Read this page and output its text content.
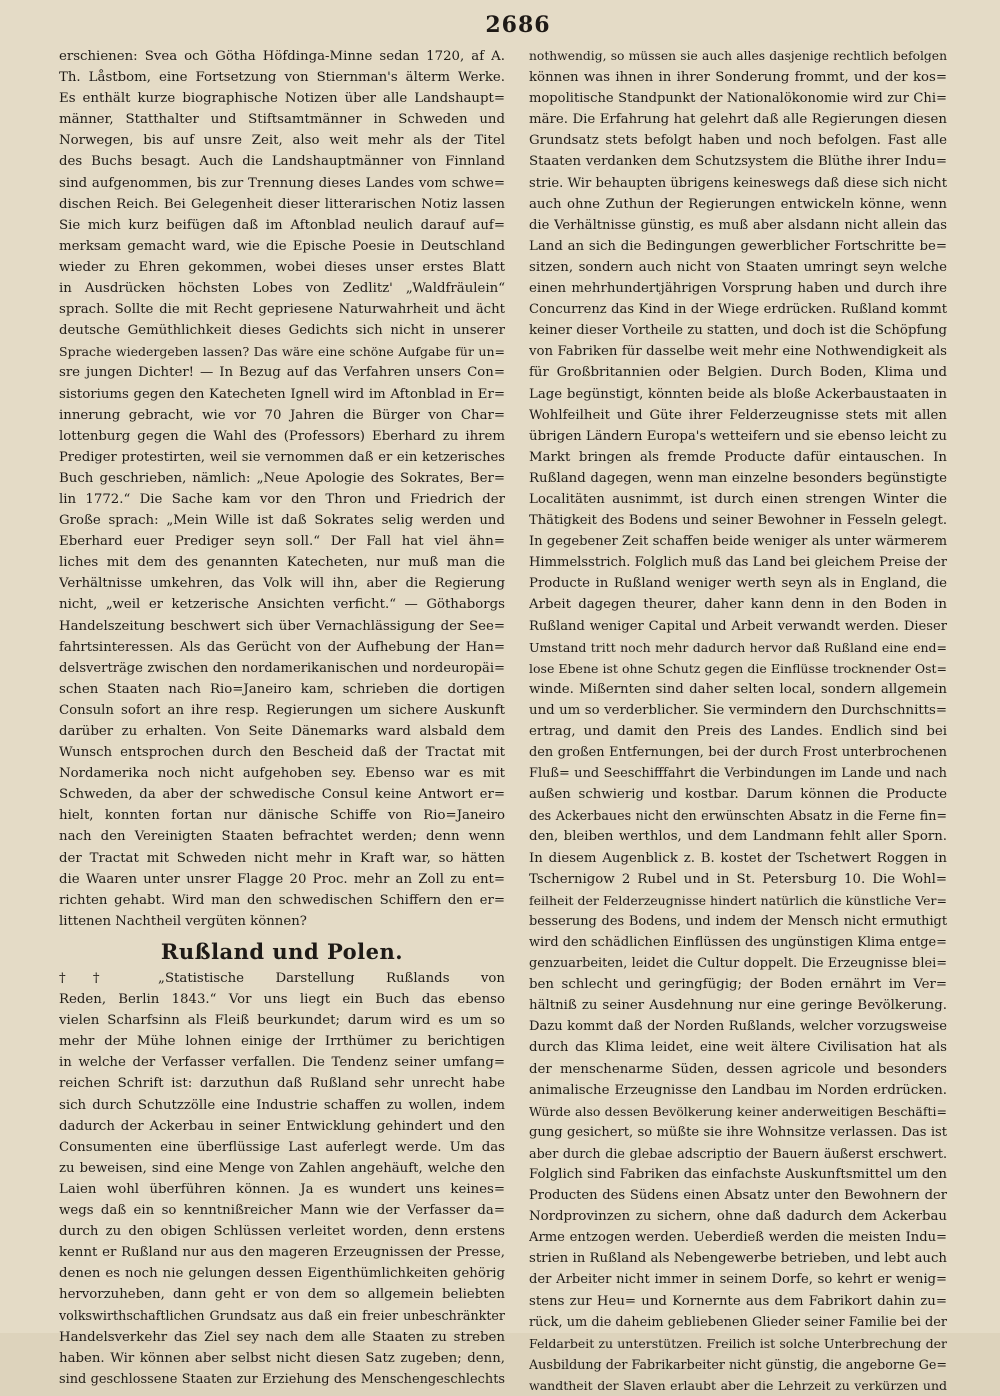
2686
erschienen: Svea och Götha Höfdinga-Minne sedan 1720, af A.
Th. Låstbom, eine Fortsetzung von Stiernman's älterm Werke.
Es enthält kurze biographische Notizen über alle Landshaupt=
männer, Statthalter und Stiftsamtmänner in Schweden und
Norwegen, bis auf unsre Zeit, also weit mehr als der Titel
des Buchs besagt. Auch die Landshauptmänner von Finnland
sind aufgenommen, bis zur Trennung dieses Landes vom schwe=
dischen Reich. Bei Gelegenheit dieser litterarischen Notiz lassen
Sie mich kurz beifügen daß im Aftonblad neulich darauf auf=
merksam gemacht ward, wie die Epische Poesie in Deutschland
wieder zu Ehren gekommen, wobei dieses unser erstes Blatt
in Ausdrücken höchsten Lobes von Zedlitz' „Waldfräulein“
sprach. Sollte die mit Recht gepriesene Naturwahrheit und ächt
deutsche Gemüthlichkeit dieses Gedichts sich nicht in unserer
Sprache wiedergeben lassen? Das wäre eine schöne Aufgabe für un=
sre jungen Dichter! — In Bezug auf das Verfahren unsers Con=
sistoriums gegen den Katecheten Ignell wird im Aftonblad in Er=
innerung gebracht, wie vor 70 Jahren die Bürger von Char=
lottenburg gegen die Wahl des (Professors) Eberhard zu ihrem
Prediger protestirten, weil sie vernommen daß er ein ketzerisches
Buch geschrieben, nämlich: „Neue Apologie des Sokrates, Ber=
lin 1772.“ Die Sache kam vor den Thron und Friedrich der
Große sprach: „Mein Wille ist daß Sokrates selig werden und
Eberhard euer Prediger seyn soll.“ Der Fall hat viel ähn=
liches mit dem des genannten Katecheten, nur muß man die
Verhältnisse umkehren, das Volk will ihn, aber die Regierung
nicht, „weil er ketzerische Ansichten verficht.“ — Göthaborgs
Handelszeitung beschwert sich über Vernachlässigung der See=
fahrtsinteressen. Als das Gerücht von der Aufhebung der Han=
delsverträge zwischen den nordamerikanischen und nordeuropäi=
schen Staaten nach Rio=Janeiro kam, schrieben die dortigen
Consuln sofort an ihre resp. Regierungen um sichere Auskunft
darüber zu erhalten. Von Seite Dänemarks ward alsbald dem
Wunsch entsprochen durch den Bescheid daß der Tractat mit
Nordamerika noch nicht aufgehoben sey. Ebenso war es mit
Schweden, da aber der schwedische Consul keine Antwort er=
hielt, konnten fortan nur dänische Schiffe von Rio=Janeiro
nach den Vereinigten Staaten befrachtet werden; denn wenn
der Tractat mit Schweden nicht mehr in Kraft war, so hätten
die Waaren unter unsrer Flagge 20 Proc. mehr an Zoll zu ent=
richten gehabt. Wird man den schwedischen Schiffern den er=
littenen Nachtheil vergüten können?
Rußland und Polen.
†† „Statistische Darstellung Rußlands von
Reden, Berlin 1843.“ Vor uns liegt ein Buch das ebenso
vielen Scharfsinn als Fleiß beurkundet; darum wird es um so
mehr der Mühe lohnen einige der Irrthümer zu berichtigen
in welche der Verfasser verfallen. Die Tendenz seiner umfang=
reichen Schrift ist: darzuthun daß Rußland sehr unrecht habe
sich durch Schutzzölle eine Industrie schaffen zu wollen, indem
dadurch der Ackerbau in seiner Entwicklung gehindert und den
Consumenten eine überflüssige Last auferlegt werde. Um das
zu beweisen, sind eine Menge von Zahlen angehäuft, welche den
Laien wohl überführen können. Ja es wundert uns keines=
wegs daß ein so kenntnißreicher Mann wie der Verfasser da=
durch zu den obigen Schlüssen verleitet worden, denn erstens
kennt er Rußland nur aus den mageren Erzeugnissen der Presse,
denen es noch nie gelungen dessen Eigenthümlichkeiten gehörig
hervorzuheben, dann geht er von dem so allgemein beliebten
volkswirthschaftlichen Grundsatz aus daß ein freier unbeschränkter
Handelsverkehr das Ziel sey nach dem alle Staaten zu streben
haben. Wir können aber selbst nicht diesen Satz zugeben; denn,
sind geschlossene Staaten zur Erziehung des Menschengeschlechts
nothwendig, so müssen sie auch alles dasjenige rechtlich befolgen
können was ihnen in ihrer Sonderung frommt, und der kos=
mopolitische Standpunkt der Nationalökonomie wird zur Chi=
märe. Die Erfahrung hat gelehrt daß alle Regierungen diesen
Grundsatz stets befolgt haben und noch befolgen. Fast alle
Staaten verdanken dem Schutzsystem die Blüthe ihrer Indu=
strie. Wir behaupten übrigens keineswegs daß diese sich nicht
auch ohne Zuthun der Regierungen entwickeln könne, wenn
die Verhältnisse günstig, es muß aber alsdann nicht allein das
Land an sich die Bedingungen gewerblicher Fortschritte be=
sitzen, sondern auch nicht von Staaten umringt seyn welche
einen mehrhundertjährigen Vorsprung haben und durch ihre
Concurrenz das Kind in der Wiege erdrücken. Rußland kommt
keiner dieser Vortheile zu statten, und doch ist die Schöpfung
von Fabriken für dasselbe weit mehr eine Nothwendigkeit als
für Großbritannien oder Belgien. Durch Boden, Klima und
Lage begünstigt, könnten beide als bloße Ackerbaustaaten in
Wohlfeilheit und Güte ihrer Felderzeugnisse stets mit allen
übrigen Ländern Europa's wetteifern und sie ebenso leicht zu
Markt bringen als fremde Producte dafür eintauschen. In
Rußland dagegen, wenn man einzelne besonders begünstigte
Localitäten ausnimmt, ist durch einen strengen Winter die
Thätigkeit des Bodens und seiner Bewohner in Fesseln gelegt.
In gegebener Zeit schaffen beide weniger als unter wärmerem
Himmelsstrich. Folglich muß das Land bei gleichem Preise der
Producte in Rußland weniger werth seyn als in England, die
Arbeit dagegen theurer, daher kann denn in den Boden in
Rußland weniger Capital und Arbeit verwandt werden. Dieser
Umstand tritt noch mehr dadurch hervor daß Rußland eine end=
lose Ebene ist ohne Schutz gegen die Einflüsse trocknender Ost=
winde. Mißernten sind daher selten local, sondern allgemein
und um so verderblicher. Sie vermindern den Durchschnitts=
ertrag, und damit den Preis des Landes. Endlich sind bei
den großen Entfernungen, bei der durch Frost unterbrochenen
Fluß= und Seeschifffahrt die Verbindungen im Lande und nach
außen schwierig und kostbar. Darum können die Producte
des Ackerbaues nicht den erwünschten Absatz in die Ferne fin=
den, bleiben werthlos, und dem Landmann fehlt aller Sporn.
In diesem Augenblick z. B. kostet der Tschetwert Roggen in
Tschernigow 2 Rubel und in St. Petersburg 10. Die Wohl=
feilheit der Felderzeugnisse hindert natürlich die künstliche Ver=
besserung des Bodens, und indem der Mensch nicht ermuthigt
wird den schädlichen Einflüssen des ungünstigen Klima entge=
genzuarbeiten, leidet die Cultur doppelt. Die Erzeugnisse blei=
ben schlecht und geringfügig; der Boden ernährt im Ver=
hältniß zu seiner Ausdehnung nur eine geringe Bevölkerung.
Dazu kommt daß der Norden Rußlands, welcher vorzugsweise
durch das Klima leidet, eine weit ältere Civilisation hat als
der menschenarme Süden, dessen agricole und besonders
animalische Erzeugnisse den Landbau im Norden erdrücken.
Würde also dessen Bevölkerung keiner anderweitigen Beschäfti=
gung gesichert, so müßte sie ihre Wohnsitze verlassen. Das ist
aber durch die glebae adscriptio der Bauern äußerst erschwert.
Folglich sind Fabriken das einfachste Auskunftsmittel um den
Producten des Südens einen Absatz unter den Bewohnern der
Nordprovinzen zu sichern, ohne daß dadurch dem Ackerbau
Arme entzogen werden. Ueberdieß werden die meisten Indu=
strien in Rußland als Nebengewerbe betrieben, und lebt auch
der Arbeiter nicht immer in seinem Dorfe, so kehrt er wenig=
stens zur Heu= und Kornernte aus dem Fabrikort dahin zu=
rück, um die daheim gebliebenen Glieder seiner Familie bei der
Feldarbeit zu unterstützen. Freilich ist solche Unterbrechung der
Ausbildung der Fabrikarbeiter nicht günstig, die angeborne Ge=
wandtheit der Slaven erlaubt aber die Lehrzeit zu verkürzen und
